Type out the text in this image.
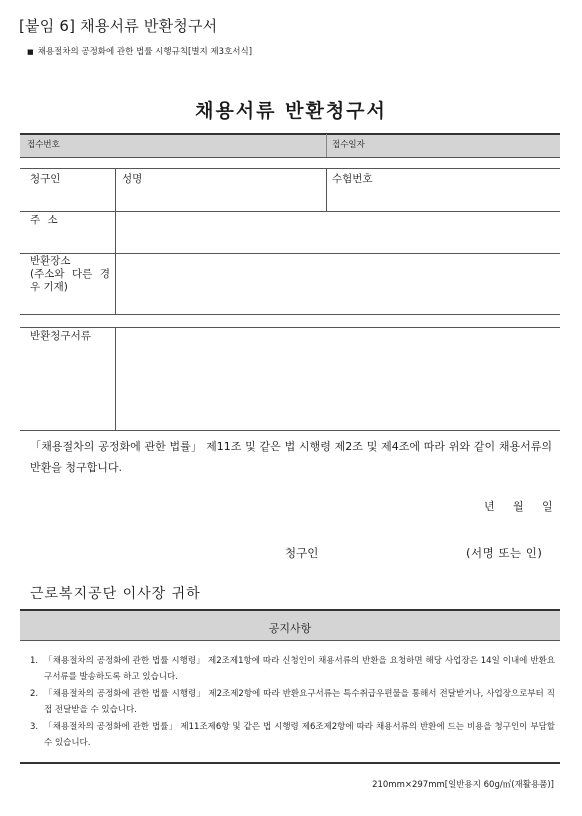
[붙임 6] 채용서류 반환청구서
■ 채용절차의 공정화에 관한 법률 시행규칙[별지 제3호서식]
채용서류 반환청구서
접수번호	접수일자
청구인	성명	수험번호
주 소
반환장소
(주소와 다른 경우 기재)
반환청구서류
「채용절차의 공정화에 관한 법률」 제11조 및 같은 법 시행령 제2조 및 제4조에 따라 위와 같이 채용서류의 반환을 청구합니다.
년 월 일
청구인	(서명 또는 인)
근로복지공단 이사장 귀하
공지사항
1. 「채용절차의 공정화에 관한 법률 시행령」 제2조제1항에 따라 신청인이 채용서류의 반환을 요청하면 해당 사업장은 14일 이내에 반환요구서류를 발송하도록 하고 있습니다.
2. 「채용절차의 공정화에 관한 법률 시행령」 제2조제2항에 따라 반환요구서류는 특수취급우편물을 통해서 전달받거나, 사업장으로부터 직접 전달받을 수 있습니다.
3. 「채용절차의 공정화에 관한 법률」 제11조제6항 및 같은 법 시행령 제6조제2항에 따라 채용서류의 반환에 드는 비용을 청구인이 부담할 수 있습니다.
210mm×297mm[일반용지 60g/㎡(재활용품)]
